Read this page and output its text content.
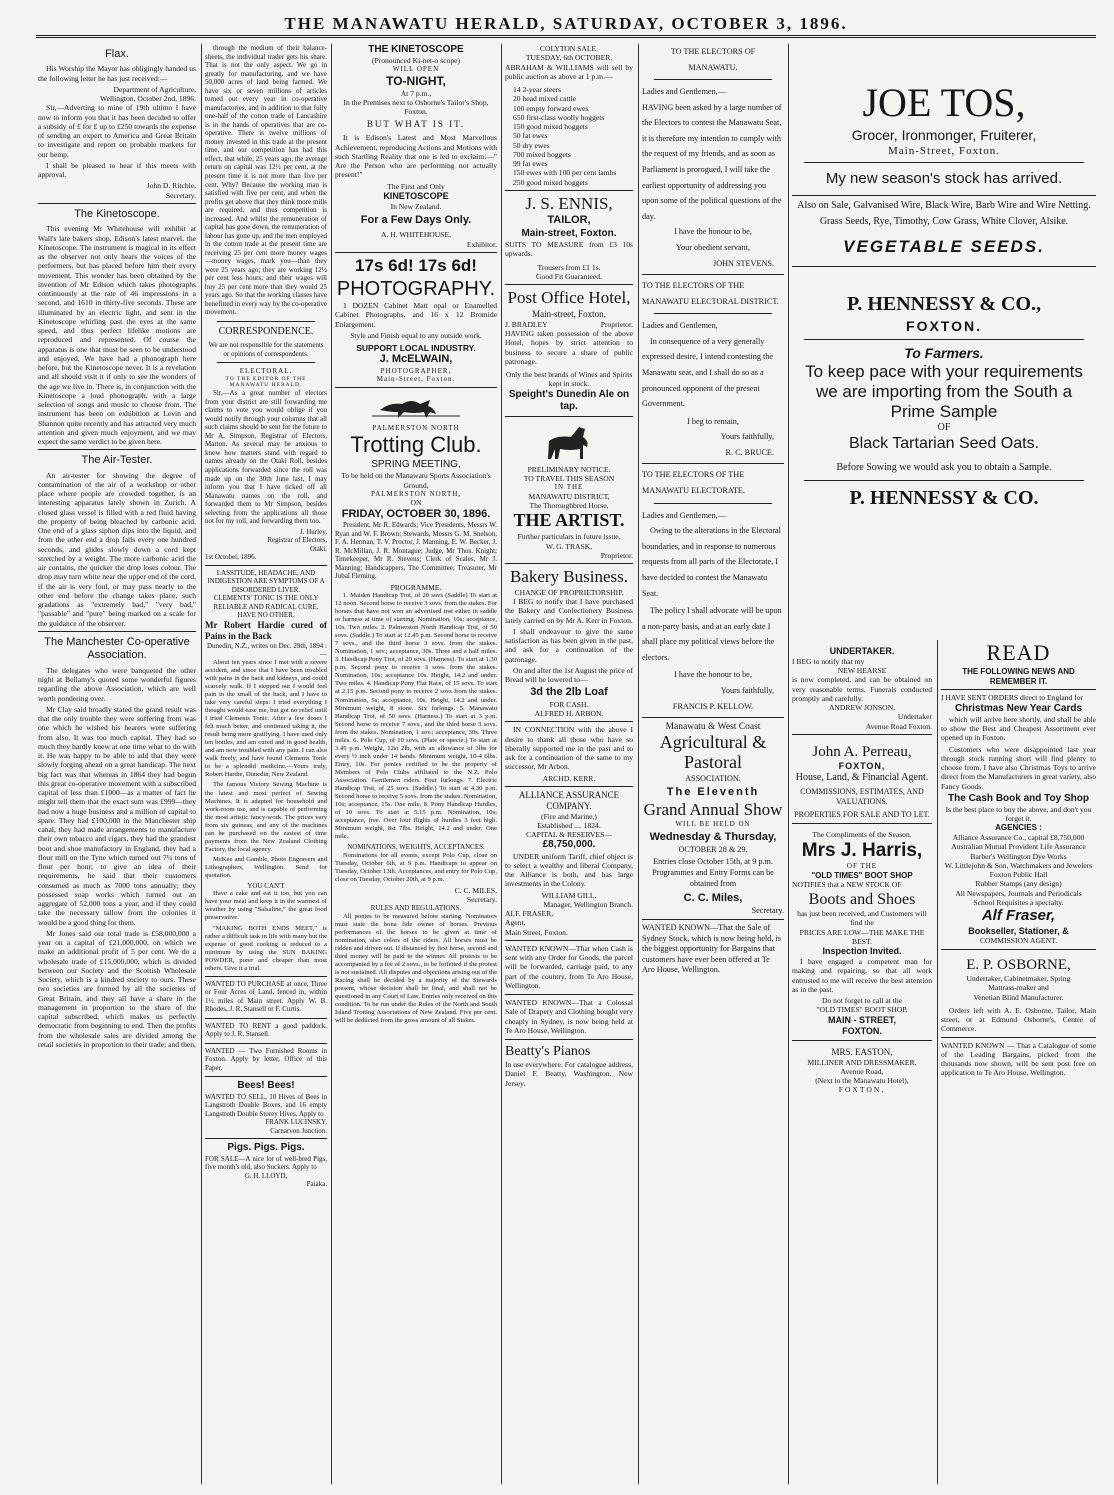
THE MANAWATU HERALD, SATURDAY, OCTOBER 3, 1896.
Flax.
His Worship the Mayor has obligingly handed us the following letter he has just received:—
Department of Agriculture,
Wellington, October 2nd, 1896.
Sir,—Adverting to mine of 19th ultimo I have now to inform you that it has been decided to offer a subsidy of £ for £ up to £250 towards the expense of sending an expert to America and Great Britain to investigate and report on probable markets for our hemp.
I shall be pleased to hear if this meets with approval.
John D. Ritchie,
Secretary.
The Kinetoscope.
This evening Mr Whitehouse will exhibit at Wall's late bakers shop, Edison's latest marvel, the Kinetoscope. The instrument is magical in its effect as the observer not only hears the voices of the performers, but has placed before him their every movement. This wonder has been obtained by the invention of Mr Edison which takes photographs continuously at the rate of 46 impressions in a second, and 1610 in thirty-five seconds. These are illuminated by an electric light, and sent in the Kinetoscope whirling past the eyes at the same speed, and thus perfect lifelike motions are reproduced and represented. Of course the apparatus is one that must be seen to be understood and enjoyed. We have had a phonograph here before, but the Kinetoscope never. It is a revelation and all should visit it if only to see the wonders of the age we live in. There is, in conjunction with the Kinetoscope a loud phonograph, with a large selection of songs and music to choose from. The instrument has been on exhibition at Levin and Shannon quite recently and has attracted very much attention and given much enjoyment, and we may expect the same verdict to be given here.
The Air-Tester.
An air-tester for showing the degree of contamination of the air of a workshop or other place where people are crowded together, is an interesting apparatus lately shown in Zurich. A closed glass vessel is filled with a red fluid having the property of being bleached by carbonic acid. One end of a glass siphon dips into the liquid, and from the other end a drop falls every one hundred seconds, and glides slowly down a cord kept stretched by a weight. The more carbonic acid the air contains, the quicker the drop loses colour. The drop may turn white near the upper end of the cord, if the air is very foul, or may pass nearly to the other end before the change takes place, such gradations as "extremely bad," "very bad," "passable" and "pure" being marked on a scale for the guidance of the observer.
The Manchester Co-operative Association.
The delegates who were banqueted the other night at Bellamy's quoted some wonderful figures regarding the above Association, which are well worth pondering over.
Mr Clay said broadly stated the grand result was that the only trouble they were suffering from was one which he wished his hearers were suffering from also. It was too much capital. They had so much they hardly knew at one time what to do with it. He was happy to be able to add that they were slowly forging ahead on a great handicap. The next big fact was that whereas in 1864 they had begun this great co-operative movement with a subscribed capital of less than £1000—as a matter of fact he might tell them that the exact sum was £999—they had now a huge business and a million of capital to spare. They had £100,000 in the Manchester ship canal, they had made arrangements to manufacture their own tobacco and cigars, they had the grandest boot and shoe manufactory in England, they had a flour mill on the Tyne which turned out 7½ tons of flour per hour; to give an idea of their requirements, he said that their customers consumed as much as 7000 tons annually; they possessed soap works which turned out an aggregate of 52,000 tons a year, and if they could take the necessary tallow from the colonies it would be a good thing for them.
Mr Jones said our total trade is £58,000,000 a year on a capital of £21,000,000, on which we make an additional profit of 5 per cent. We do a wholesale trade of £15,000,000, which is divided between our Society and the Scottish Wholesale Society, which is a kindred society to ours. These two societies are formed by all the societies of Great Britain, and they all have a share in the management in proportion to the share of the capital subscribed, which makes us perfectly democratic from beginning to end. Then the profits from the wholesale sales are divided among the retail societies in proportion to their trade; and then,
through the medium of their balance-sheets, the individual trader gets his share. That is not the only aspect. We go in greatly for manufacturing, and we have 50,000 acres of land being farmed. We have six or seven millions of articles turned out every year in co-operative manufactories, and in addition to that fully one-half of the cotton trade of Lancashire is in the hands of operatives that are co-operative. There is twelve millions of money invested in this trade at the present time, and our competition has had this effect, that while, 25 years ago, the average return on capital was 12½ per cent, at the present time it is not more than five per cent. Why? Because the working man is satisfied with five per cent, and when the profits get above that they think more mills are required, and thus competition is increased. And whilst the remuneration of capital has gone down, the remuneration of labour has gone up, and the men employed in the cotton trade at the present time are receiving 25 per cent more money wages—money wages, mark you—than they were 25 years ago; they are working 12½ per cent less hours, and their wages will buy 25 per cent more than they would 25 years ago. So that the working classes have benefitted in every way by the co-operative movement.
CORRESPONDENCE.
We are not responsible for the statements or opinions of correspondents.
ELECTORAL.
TO THE EDITOR OF THE MANAWATU HERALD.
Sir,—As a great number of electors from your district are still forwarding me claims to vote you would oblige if you would notify through your columns that all such claims should be sent for the future to Mr A. Simpson, Registrar of Electors, Marton. As several may be anxious to know how matters stand with regard to names already on the Otaki Roll, besides applications forwarded since the roll was made up on the 30th June last, I may inform you that I have ticked off all Manawatu names on the roll, and forwarded them to Mr Simpson, besides selecting from the applications all those not for my roll, and forwarding them too.
J. Hurley,
Registrar of Electors,
Otaki.
1st October, 1896.
LASSITUDE, HEADACHE, AND INDIGESTION ARE SYMPTOMS OF A DISORDERED LIVER.
CLEMENTS' TONIC IS THE ONLY RELIABLE AND RADICAL CURE.
HAVE NO OTHER.
Mr Robert Hardie cured of Pains in the Back
Dunedin, N.Z., writes on Dec. 29th, 1894 :—
About ten years since I met with a severe accident, and since that I have been troubled with pains in the back and kidneys, and could scarcely walk. If I stepped out I would feel pain in the small of the back, and I have to take very careful steps. I tried everything I thought would ease me, but got no relief until I tried Clements Tonic. After a few doses I felt much better, and continued taking it, the result being more gratifying. I have used only ten bottles, and am cured and in good health, and am now troubled with any pain. I can also walk freely, and have found Clements Tonic to be a splendid medicine.—Yours truly, Robert Hardie, Dunedin, New Zealand.
The famous Victory Sewing Machine is the latest and most perfect of Sewing Machines. It is adapted for household and work-room use, and is capable of performing the most artistic fancy-work. The prices vary from six guineas, and any of the machines can be purchased on the easiest of time payments from the New Zealand Clothing Factory, the local agency.
McKee and Gamble, Photo Engravers and Lithographers, Wellington. Send for quotation.
YOU CAN'T
Have a cake and eat it too, but you can have your meat and keep it in the warmest of weather by using "Salsaline," the great food preservative.
"MAKING BOTH ENDS MEET," is rather a difficult task in life with many but the expense of good cooking is reduced to a minimum by using the SUN BAKING POWDER, purer and cheaper than most others. Give it a trial.
WANTED TO PURCHASE at once, Three or Four Acres of Land, fenced in, within 1½ miles of Main street. Apply W. B. Rhodes, J. R. Stansell or F. Curtis.
WANTED TO RENT a good paddock. Apply to J. R. Stansell.
WANTED — Two Furnished Rooms in Foxton. Apply by letter, Office of this Paper.
Bees! Bees!
WANTED TO SELL, 10 Hives of Bees in Langstroth Double Boxes, and 16 empty Langstroth Double Storey Hives. Apply to
FRANK LUCINSKY,
Carnarvon Junction.
Pigs. Pigs. Pigs.
FOR SALE—A nice lot of well-bred Pigs, five month's old, also Suckers. Apply to
G. H. LLOYD,
Paiaka.
THE KINETOSCOPE
(Pronounced Ki-net-o scope)
WILL OPEN
TO-NIGHT,
At 7 p.m.,
In the Premises next to Osborne's Tailor's Shop, Foxton.
BUT WHAT IS IT.
It is Edison's Latest and Most Marvellous Achievement, reproducing Actions and Motions with such Startling Reality that one is led to exclaim:—" Are the Person who are performing not actually present!"
The First and Only
KINETOSCOPE
In New Zealand.
For a Few Days Only.
A. H. WHITEHOUSE,
Exhibitor.
17s 6d! 17s 6d!
PHOTOGRAPHY.
1 DOZEN Cabinet Matt opal or Enamelled Cabinet Photographs, and 16 x 12 Bromide Enlargement.
Style and Finish equal to any outside work.
SUPPORT LOCAL INDUSTRY.
J. McELWAIN,
PHOTOGRAPHER,
Main-Street, Foxton.
PALMERSTON NORTH
Trotting Club.
SPRING MEETING,
To be held on the Manawatu Sports Association's Ground,
PALMERSTON NORTH,
ON
FRIDAY, OCTOBER 30, 1896.
President, Mr R. Edwards; Vice Presidents, Messrs W. Ryan and W. F. Brown; Stewards, Messrs G. M. Snelson, F. A. Herman, T. V. Proctor, J. Manning, E. W. Becker, J. R. McMillan, J. R. Montague; Judge, Mr Thos. Knight; Timekeeper, Mr R. Stevens; Clerk of Scales, Mr J. Manning; Handicappers, The Committee; Treasurer, Mr Jubal Fleming.
PROGRAMME.
1. Maiden Handicap Trot, of 20 sovs (Saddle) To start at 12 noon. Second horse to receive 3 sovs. from the stakes. For horses that have not won an advertised trot either in saddle or harness at time of starting. Nomination, 10s; acceptance, 10s. Two miles. 2. Palmerston North Handicap Trot, of 50 sovs. (Saddle.) To start at 12.45 p.m. Second horse to receive 7 sovs., and the third horse 3 sovs. from the stakes. Nomination, 1 sov.; acceptance, 30s. Three and a half miles. 3. Handicap Pony Trot, of 20 sovs. (Harness). To start at 1.30 p.m. Second pony to receive 3 sovs. from the stakes. Nomination, 10s; acceptance 10s. Height, 14.2 and under. Two miles. 4. Handicap Pony Flat Race, of 15 sovs. To start at 2.15 p.m. Second pony to receive 2 sovs from the stakes. Nomination, 5s; acceptance, 10s. Height, 14.2 and under. Minimum weight, 8 stone. Six furlongs. 5. Manawatu Handicap Trot, of 50 sovs. (Harness.) To start at 3 p.m. Second horse to receive 7 sovs., and the third horse 3 sovs. from the stakes. Nomination, 1 sov.; acceptance, 30s. Three miles. 6. Polo Cup, of 10 sovs. (Plate or specie.) To start at 3.45 p.m. Weight, 12st 2lb, with an allowance of 3lbs for every ½ inch under 14 hands. Minimum weight, 10-4 6lbs. Entry, 10s. For ponies certified to be the property of Members of Polo Clubs affiliated to the N.Z. Polo Association. Gentlemen riders. Four furlongs. 7. Electric Handicap Trot, of 25 sovs. (Saddle.) To start at 4.30 p.m. Second horse to receive 5 sovs. from the stakes. Nomination, 10s; acceptance, 15s. One mile. 8. Pony Handicap Hurdles, of 10 sovs. To start at 5.15 p.m. Nomination, 10s; acceptance, free. Over four flights of hurdles 3 feet high. Minimum weight, 8st 7lbs. Height, 14.2 and under. One mile.
NOMINATIONS, WEIGHTS, ACCEPTANCES.
Nominations for all events, except Polo Cup, close on Tuesday, October 6th, at 9 p.m. Handicaps to appear on Tuesday, October 13th. Acceptances, and entry for Polo Cup, close on Tuesday, October 20th, at 9 p.m.
C. C. MILES,
Secretary.
RULES AND REGULATIONS.
All ponies to be measured before starting. Nominators must state the bona fide owner of horses. Previous performances of the horses to be given at time of nomination, also colors of the riders. All horses must be ridden and driven out. If distanced by first horse, second and third money will be paid to the winner. All protests to be accompanied by a fee of 2 sovs., to be forfeited if the protest is not sustained. All disputes and objections arising out of the Racing shall be decided by a majority of the Stewards present, whose decision shall be final, and shall not be questioned in any Court of Law. Entries only received on this condition. To be run under the Rules of the North and South Island Trotting Associations of New Zealand. Five per cent. will be deducted from the gross amount of all Stakes.
COLYTON SALE.
TUESDAY, 6th OCTOBER.
ABRAHAM & WILLIAMS will sell by public auction as above at 1 p.m.—
14 2-year steers
20 head mixed cattle
100 empty forward ewes
650 first-class woolly hoggets
150 good mixed hoggets
50 fat ewes
50 dry ewes
700 mixed hoggets
99 fat ewes
150 ewes with 100 per cent lambs
250 good mixed hoggets
J. S. ENNIS,
TAILOR,
Main-street, Foxton.
SUITS TO MEASURE from £3 10s upwards.
Trousers from £1 1s.
Good Fit Guaranteed.
Post Office Hotel,
Main-street, Foxton.
J. BRADLEY	Proprietor.
HAVING taken possession of the above Hotel, hopes by strict attention to business to secure a share of public patronage.
Only the best brands of Wines and Spirits kept in stock.
Speight's Dunedin Ale on tap.
PRELIMINARY NOTICE.
TO TRAVEL THIS SEASON
IN THE
MANAWATU DISTRICT,
The Thoroughbred Horse,
THE ARTIST.
Further particulars in future issue.
W. G. TRASK,
Proprietor.
Bakery Business.
CHANGE OF PROPRIETORSHIP.
I BEG to notify that I have purchased the Bakery and Confectionery Business lately carried on by Mr A. Kerr in Foxton.
I shall endeavour to give the same satisfaction as has been given in the past, and ask for a continuation of the patronage.
On and after the 1st August the price of Bread will be lowered to—
3d the 2lb Loaf
FOR CASH.
ALFRED H. ARBON.
IN CONNECTION with the above I desire to thank all those who have so liberally supported me in the past and to ask for a continuation of the same to my successor, Mr Arbon.
ARCHD. KERR.
ALLIANCE ASSURANCE COMPANY.
(Fire and Marine.)
Established .... 1824.
CAPITAL & RESERVES—
£8,750,000.
UNDER uniform Tariff, chief object is to select a wealthy and liberal Company, the Alliance is both, and has large investments in the Colony.
WILLIAM GILL,
Manager, Wellington Branch.
ALF. FRASER,
Agent,
Main Street, Foxton.
WANTED KNOWN—That when Cash is sent with any Order for Goods, the parcel will be forwarded, carriage paid, to any part of the country, from Te Aro House, Wellington.
WANTED KNOWN—That a Colossal Sale of Drapery and Clothing bought very cheaply in Sydney, is now being held at Te Aro House, Wellington.
Beatty's Pianos
In use everywhere. For catalogue address, Daniel F. Beatty, Washington, New Jersey.
TO THE ELECTORS OF
MANAWATU.
Ladies and Gentlemen,—
HAVING been asked by a large number of the Electors to contest the Manawatu Seat, it is therefore my intention to comply with the request of my friends, and as soon as Parliament is prorogued, I will take the earliest opportunity of addressing you upon some of the political questions of the day.
I have the honour to be,
Your obedient servant,
JOHN STEVENS.
TO THE ELECTORS OF THE MANAWATU ELECTORAL DISTRICT.
Ladies and Gentlemen,
In consequence of a very generally expressed desire, I intend contesting the Manawatu seat, and I shall do so as a pronounced opponent of the present Government.
I beg to remain,
Yours faithfully,
R. C. BRUCE.
TO THE ELECTORS OF THE MANAWATU ELECTORATE.
Ladies and Gentlemen,—
Owing to the alterations in the Electoral boundaries, and in response to numerous requests from all parts of the Electorate, I have decided to contest the Manawatu Seat.
The policy I shall advocate will be upon a non-party basis, and at an early date I shall place my political views before the electors.
I have the honour to be,
Yours faithfully,
FRANCIS P. KELLOW.
Manawatu & West Coast
Agricultural & Pastoral
ASSOCIATION.
The Eleventh
Grand Annual Show
WILL BE HELD ON
Wednesday & Thursday,
OCTOBER 28 & 29.
Entries close October 15th, at 9 p.m.
Programmes and Entry Forms can be obtained from
C. C. Miles,
Secretary.
WANTED KNOWN—That the Sale of Sydney Stock, which is now being held, is the biggest opportunity for Bargains that customers have ever been offered at Te Aro House, Wellington.
JOE TOS,
Grocer, Ironmonger, Fruiterer,
Main-Street, Foxton.
My new season's stock has arrived.
Also on Sale, Galvanised Wire, Black Wire, Barb Wire and Wire Netting.
Grass Seeds, Rye, Timothy, Cow Grass, White Clover, Alsike.
VEGETABLE SEEDS.
P. HENNESSY & CO.,
FOXTON.
To Farmers.
To keep pace with your requirements we are importing from the South a Prime Sample
OF
Black Tartarian Seed Oats.
Before Sowing we would ask you to obtain a Sample.
P. HENNESSY & CO.
UNDERTAKER.
I BEG to notify that my
NEW HEARSE
is now completed, and can be obtained on very reasonable terms. Funerals conducted promptly and carefully.
ANDREW JONSON,
Undertaker
Avenue Road Foxton.
John A. Perreau,
FOXTON,
House, Land, & Financial Agent.
COMMISSIONS, ESTIMATES, AND VALUATIONS.
PROPERTIES FOR SALE AND TO LET.
The Compliments of the Season.
Mrs J. Harris,
OF THE
"OLD TIMES" BOOT SHOP
NOTIFIES that a NEW STOCK OF
Boots and Shoes
has just been received, and Customers will find the
PRICES ARE LOW—THE MAKE THE BEST.
Inspection Invited.
I have engaged a competent man for making and repairing, so that all work entrusted to me will receive the best attention as in the past.
Do not forget to call at the
"OLD TIMES" BOOT SHOP,
MAIN - STREET,
FOXTON.
MRS. EASTON,
MILLINER AND DRESSMAKER,
Avenue Road,
(Next to the Manawatu Hotel),
FOXTON.
READ
THE FOLLOWING NEWS AND REMEMBER IT.
I HAVE SENT ORDERS direct to England for
Christmas New Year Cards
which will arrive here shortly, and shall be able to show the Best and Cheapest Assortment ever opened up in Foxton.
Customers who were disappointed last year through stock running short will find plenty to choose from. I have also Christmas Toys to arrive direct from the Manufacturers in great variety, also Fancy Goods.
The Cash Book and Toy Shop
Is the best place to buy the above, and don't you forget it.
AGENCIES :
Alliance Assurance Co., capital £8,750,000
Australian Mutual Provident Life Assurance
Barber's Wellington Dye Works
W. Littlejohn & Son, Watchmakers and Jewelers
Foxton Public Hall
Rubber Stamps (any design)
All Newspapers, Journals and Periodicals
School Requisites a specialty.
Alf Fraser,
Bookseller, Stationer, &
COMMISSION AGENT.
E. P. OSBORNE,
Undertaker, Cabinetmaker, Spring
Mattrass-maker and
Venetian Blind Manufacturer.
Orders left with A. E. Osborne, Tailor, Main street, or at Edmund Osborne's, Centre of Commerce.
WANTED KNOWN — That a Catalogue of some of the Leading Bargains, picked from the thousands now shown, will be sent post free on application to Te Aro House, Wellington.
